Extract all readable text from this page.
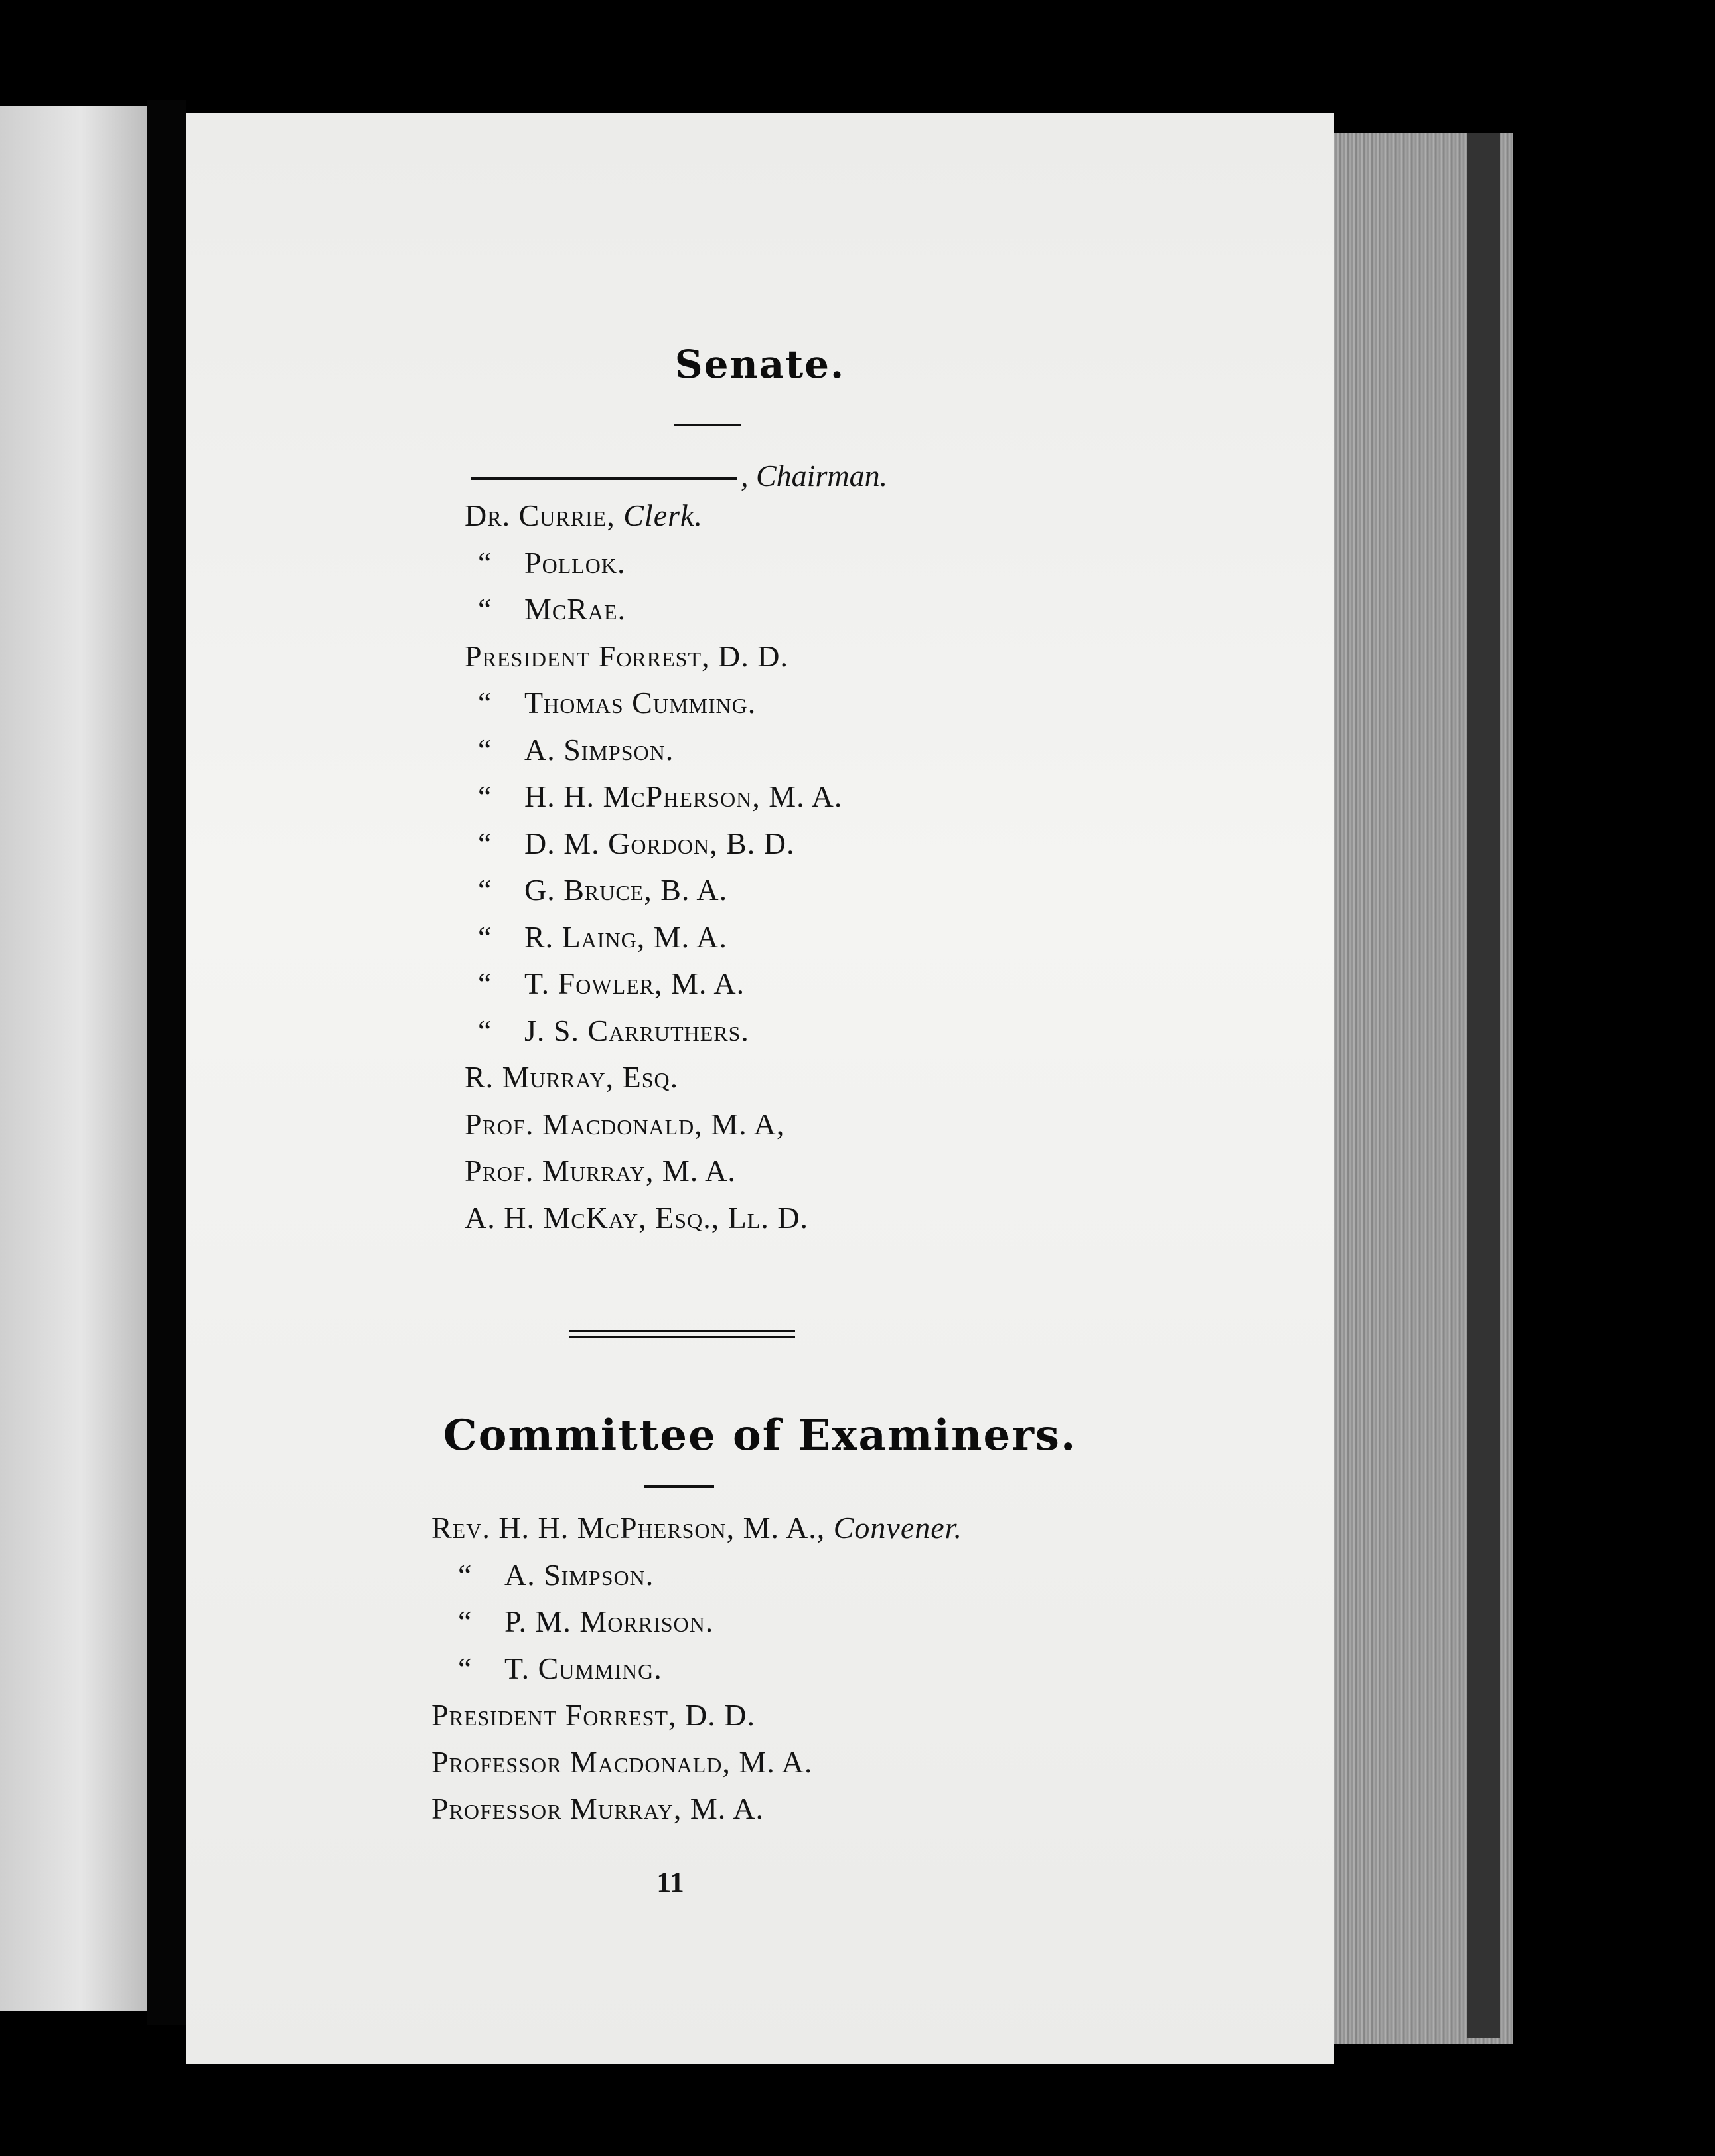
Senate.
, Chairman.
Dr. Currie, Clerk.
“ Pollok.
“ McRae.
President Forrest, D. D.
“ Thomas Cumming.
“ A. Simpson.
“ H. H. McPherson, M. A.
“ D. M. Gordon, B. D.
“ G. Bruce, B. A.
“ R. Laing, M. A.
“ T. Fowler, M. A.
“ J. S. Carruthers.
R. Murray, Esq.
Prof. Macdonald, M. A,
Prof. Murray, M. A.
A. H. McKay, Esq., Ll. D.
Committee of Examiners.
Rev. H. H. McPherson, M. A., Convener.
“ A. Simpson.
“ P. M. Morrison.
“ T. Cumming.
President Forrest, D. D.
Professor Macdonald, M. A.
Professor Murray, M. A.
11
